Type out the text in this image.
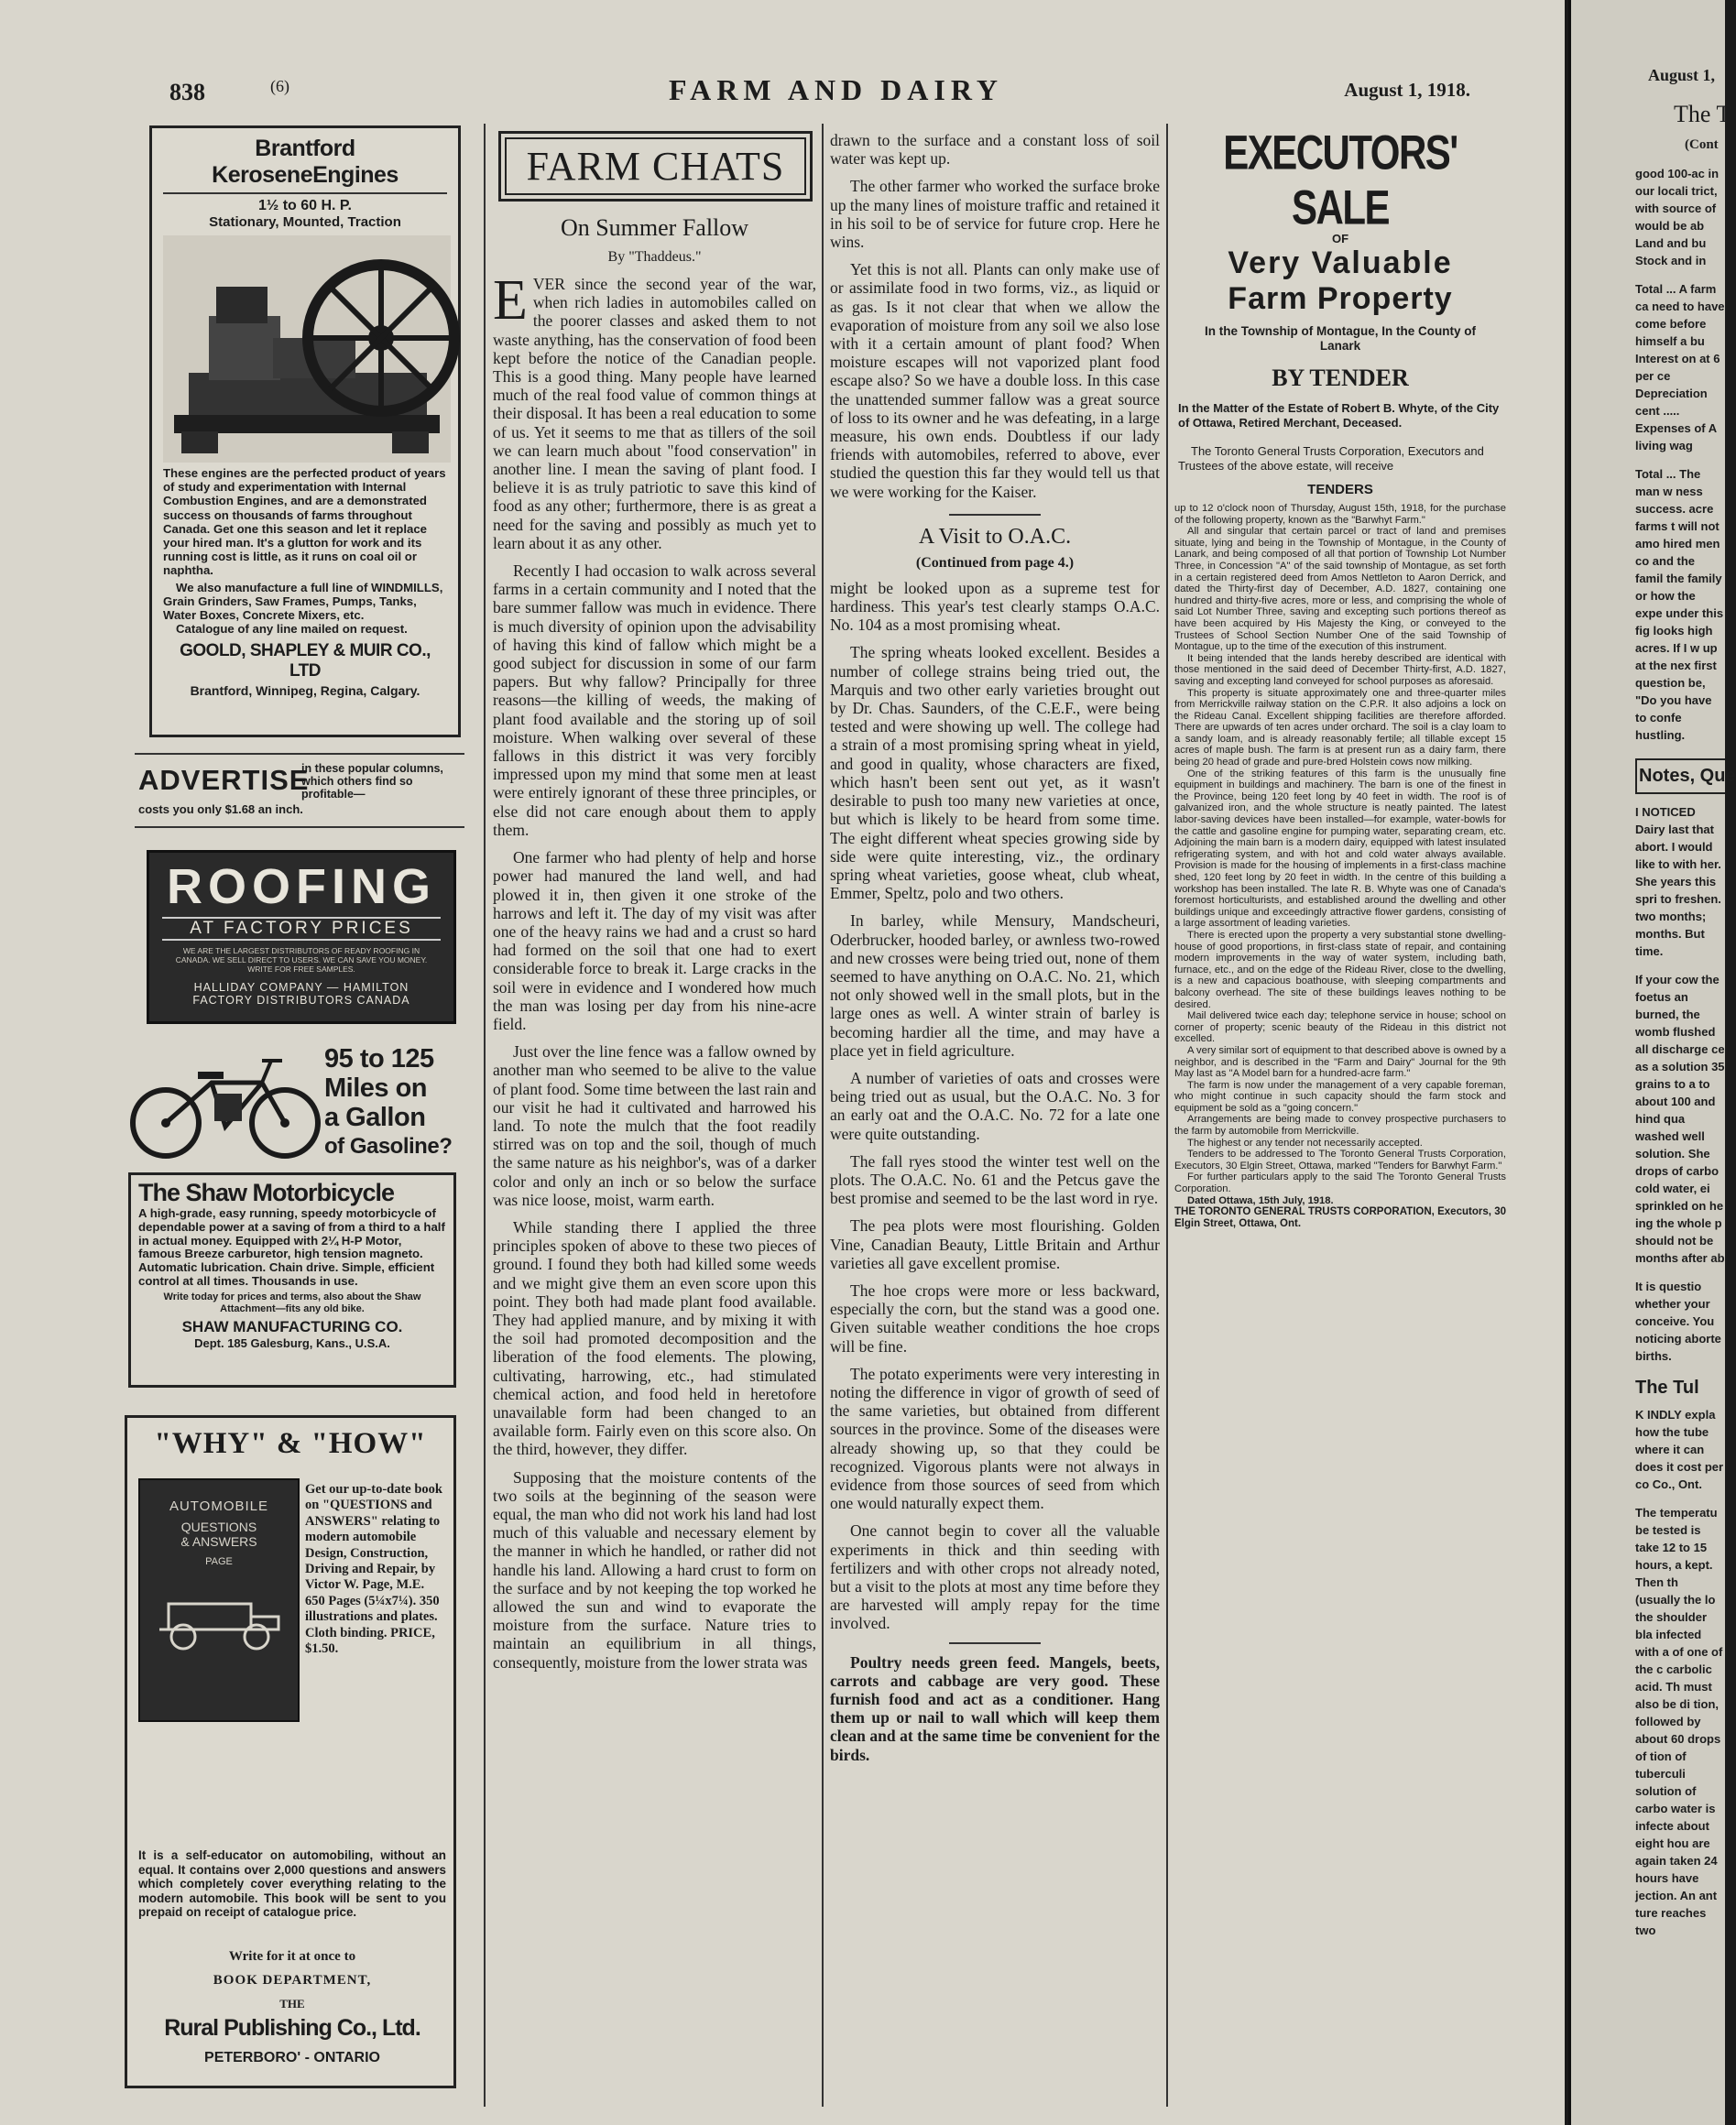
838	(6)	FARM AND DAIRY	August 1, 1918.
Brantford KeroseneEngines
1½ to 60 H. P.
Stationary, Mounted, Traction
These engines are the perfected product of years of study and experimentation with Internal Combustion Engines, and are a demonstrated success on thousands of farms throughout Canada. Get one this season and let it replace your hired man. It's a glutton for work and its running cost is little, as it runs on coal oil or naphtha.
We also manufacture a full line of WINDMILLS, Grain Grinders, Saw Frames, Pumps, Tanks, Water Boxes, Concrete Mixers, etc.
Catalogue of any line mailed on request.
GOOLD, SHAPLEY & MUIR CO., LTD
Brantford, Winnipeg, Regina, Calgary.
ADVERTISE
in these popular columns, which others find so profitable—
costs you only $1.68 an inch.
ROOFING
AT FACTORY PRICES
WE ARE THE LARGEST DISTRIBUTORS OF READY ROOFING IN CANADA. WE SELL DIRECT TO USERS. WE CAN SAVE YOU MONEY. WRITE FOR FREE SAMPLES.
HALLIDAY COMPANY — HAMILTON
FACTORY DISTRIBUTORS CANADA
95 to 125
Miles on
a Gallon
of Gasoline?
The Shaw Motorbicycle
A high-grade, easy running, speedy motorbicycle of dependable power at a saving of from a third to a half in actual money. Equipped with 2¼ H-P Motor, famous Breeze carburetor, high tension magneto. Automatic lubrication. Chain drive. Simple, efficient control at all times. Thousands in use.
Write today for prices and terms, also about the Shaw Attachment—fits any old bike.
SHAW MANUFACTURING CO.
Dept. 185 Galesburg, Kans., U.S.A.
"WHY" & "HOW"
AUTOMOBILE
QUESTIONS
& ANSWERS
PAGE
Get our up-to-date book on "QUESTIONS and ANSWERS" relating to modern automobile Design, Construction, Driving and Repair, by Victor W. Page, M.E. 650 Pages (5¼x7¼). 350 illustrations and plates. Cloth binding. PRICE, $1.50.
It is a self-educator on automobiling, without an equal. It contains over 2,000 questions and answers which completely cover everything relating to the modern automobile. This book will be sent to you prepaid on receipt of catalogue price.
Write for it at once to
BOOK DEPARTMENT,
THE
Rural Publishing Co., Ltd.
PETERBORO' - ONTARIO
FARM CHATS
On Summer Fallow
By "Thaddeus."

EVER since the second year of the war, when rich ladies in automobiles called on the poorer classes and asked them to not waste anything, has the conservation of food been kept before the notice of the Canadian people. This is a good thing. Many people have learned much of the real food value of common things at their disposal. It has been a real education to some of us. Yet it seems to me that as tillers of the soil we can learn much about "food conservation" in another line. I mean the saving of plant food. I believe it is as truly patriotic to save this kind of food as any other; furthermore, there is as great a need for the saving and possibly as much yet to learn about it as any other.

Recently I had occasion to walk across several farms in a certain community and I noted that the bare summer fallow was much in evidence. There is much diversity of opinion upon the advisability of having this kind of fallow which might be a good subject for discussion in some of our farm papers. But why fallow? Principally for three reasons—the killing of weeds, the making of plant food available and the storing up of soil moisture. When walking over several of these fallows in this district it was very forcibly impressed upon my mind that some men at least were entirely ignorant of these three principles, or else did not care enough about them to apply them.

One farmer who had plenty of help and horse power had manured the land well, and had plowed it in, then given it one stroke of the harrows and left it. The day of my visit was after one of the heavy rains we had and a crust so hard had formed on the soil that one had to exert considerable force to break it. Large cracks in the soil were in evidence and I wondered how much the man was losing per day from his nine-acre field.

Just over the line fence was a fallow owned by another man who seemed to be alive to the value of plant food. Some time between the last rain and our visit he had it cultivated and harrowed his land. To note the mulch that the foot readily stirred was on top and the soil, though of much the same nature as his neighbor's, was of a darker color and only an inch or so below the surface was nice loose, moist, warm earth.

While standing there I applied the three principles spoken of above to these two pieces of ground. I found they both had killed some weeds and we might give them an even score upon this point. They both had made plant food available. They had applied manure, and by mixing it with the soil had promoted decomposition and the liberation of the food elements. The plowing, cultivating, harrowing, etc., had stimulated chemical action, and food held in heretofore unavailable form had been changed to an available form. Fairly even on this score also. On the third, however, they differ.

Supposing that the moisture contents of the two soils at the beginning of the season were equal, the man who did not work his land had lost much of this valuable and necessary element by the manner in which he handled, or rather did not handle his land. Allowing a hard crust to form on the surface and by not keeping the top worked he allowed the sun and wind to evaporate the moisture from the surface. Nature tries to maintain an equilibrium in all things, consequently, moisture from the lower strata was

drawn to the surface and a constant loss of soil water was kept up.

The other farmer who worked the surface broke up the many lines of moisture traffic and retained it in his soil to be of service for future crop. Here he wins.

Yet this is not all. Plants can only make use of or assimilate food in two forms, viz., as liquid or as gas. Is it not clear that when we allow the evaporation of moisture from any soil we also lose with it a certain amount of plant food? When moisture escapes will not vaporized plant food escape also? So we have a double loss. In this case the unattended summer fallow was a great source of loss to its owner and he was defeating, in a large measure, his own ends. Doubtless if our lady friends with automobiles, referred to above, ever studied the question this far they would tell us that we were working for the Kaiser.

A Visit to O.A.C.
(Continued from page 4.)

might be looked upon as a supreme test for hardiness. This year's test clearly stamps O.A.C. No. 104 as a most promising wheat.

The spring wheats looked excellent. Besides a number of college strains being tried out, the Marquis and two other early varieties brought out by Dr. Chas. Saunders, of the C.E.F., were being tested and were showing up well. The college had a strain of a most promising spring wheat in yield, and good in quality, whose characters are fixed, which hasn't been sent out yet, as it wasn't desirable to push too many new varieties at once, but which is likely to be heard from some time. The eight different wheat species growing side by side were quite interesting, viz., the ordinary spring wheat varieties, goose wheat, club wheat, Emmer, Speltz, polo and two others.

In barley, while Mensury, Mandscheuri, Oderbrucker, hooded barley, or awnless two-rowed and new crosses were being tried out, none of them seemed to have anything on O.A.C. No. 21, which not only showed well in the small plots, but in the large ones as well. A winter strain of barley is becoming hardier all the time, and may have a place yet in field agriculture.

A number of varieties of oats and crosses were being tried out as usual, but the O.A.C. No. 3 for an early oat and the O.A.C. No. 72 for a late one were quite outstanding.

The fall ryes stood the winter test well on the plots. The O.A.C. No. 61 and the Petcus gave the best promise and seemed to be the last word in rye.

The pea plots were most flourishing. Golden Vine, Canadian Beauty, Little Britain and Arthur varieties all gave excellent promise.

The hoe crops were more or less backward, especially the corn, but the stand was a good one. Given suitable weather conditions the hoe crops will be fine.

The potato experiments were very interesting in noting the difference in vigor of growth of seed of the same varieties, but obtained from different sources in the province. Some of the diseases were already showing up, so that they could be recognized. Vigorous plants were not always in evidence from those sources of seed from which one would naturally expect them.

One cannot begin to cover all the valuable experiments in thick and thin seeding with fertilizers and with other crops not already noted, but a visit to the plots at most any time before they are harvested will amply repay for the time involved.

Poultry needs green feed. Mangels, beets, carrots and cabbage are very good. These furnish food and act as a conditioner. Hang them up or nail to wall which will keep them clean and at the same time be convenient for the birds.

EXECUTORS' SALE
OF
Very Valuable
Farm Property
In the Township of Montague, In the County of Lanark
BY TENDER
In the Matter of the Estate of Robert B. Whyte, of the City of Ottawa, Retired Merchant, Deceased.
The Toronto General Trusts Corporation, Executors and Trustees of the above estate, will receive
TENDERS
up to 12 o'clock noon of Thursday, August 15th, 1918, for the purchase of the following property, known as the "Barwhyt Farm."
All and singular that certain parcel or tract of land and premises situate, lying and being in the Township of Montague, in the County of Lanark, and being composed of all that portion of Township Lot Number Three, in Concession "A" of the said township of Montague, as set forth in a certain registered deed from Amos Nettleton to Aaron Derrick, and dated the Thirty-first day of December, A.D. 1827, containing one hundred and thirty-five acres, more or less, and comprising the whole of said Lot Number Three, saving and excepting such portions thereof as have been acquired by His Majesty the King, or conveyed to the Trustees of School Section Number One of the said Township of Montague, up to the time of the execution of this instrument.
It being intended that the lands hereby described are identical with those mentioned in the said deed of December Thirty-first, A.D. 1827, saving and excepting land conveyed for school purposes as aforesaid.
This property is situate approximately one and three-quarter miles from Merrickville railway station on the C.P.R. It also adjoins a lock on the Rideau Canal. Excellent shipping facilities are therefore afforded. There are upwards of ten acres under orchard. The soil is a clay loam to a sandy loam, and is already reasonably fertile; all tillable except 15 acres of maple bush. The farm is at present run as a dairy farm, there being 20 head of grade and pure-bred Holstein cows now milking.
One of the striking features of this farm is the unusually fine equipment in buildings and machinery. The barn is one of the finest in the Province, being 120 feet long by 40 feet in width. The roof is of galvanized iron, and the whole structure is neatly painted. The latest labor-saving devices have been installed—for example, water-bowls for the cattle and gasoline engine for pumping water, separating cream, etc. Adjoining the main barn is a modern dairy, equipped with latest insulated refrigerating system, and with hot and cold water always available. Provision is made for the housing of implements in a first-class machine shed, 120 feet long by 20 feet in width. In the centre of this building a workshop has been installed. The late R. B. Whyte was one of Canada's foremost horticulturists, and established around the dwelling and other buildings unique and exceedingly attractive flower gardens, consisting of a large assortment of leading varieties.
There is erected upon the property a very substantial stone dwelling-house of good proportions, in first-class state of repair, and containing modern improvements in the way of water system, including bath, furnace, etc., and on the edge of the Rideau River, close to the dwelling, is a new and capacious boathouse, with sleeping compartments and balcony overhead. The site of these buildings leaves nothing to be desired.
Mail delivered twice each day; telephone service in house; school on corner of property; scenic beauty of the Rideau in this district not excelled.
A very similar sort of equipment to that described above is owned by a neighbor, and is described in the "Farm and Dairy" Journal for the 9th May last as "A Model barn for a hundred-acre farm."
The farm is now under the management of a very capable foreman, who might continue in such capacity should the farm stock and equipment be sold as a "going concern."
Arrangements are being made to convey prospective purchasers to the farm by automobile from Merrickville.
The highest or any tender not necessarily accepted.
Tenders to be addressed to The Toronto General Trusts Corporation, Executors, 30 Elgin Street, Ottawa, marked "Tenders for Barwhyt Farm."
For further particulars apply to the said The Toronto General Trusts Corporation.
Dated Ottawa, 15th July, 1918.
THE TORONTO GENERAL TRUSTS CORPORATION, Executors, 30 Elgin Street, Ottawa, Ont.
August 1,
The T
(Cont
good 100-ac in our locali trict, with source of would be ab Land and bu Stock and in
Total ... A farm ca need to have come before himself a bu Interest on at 6 per ce Depreciation cent ..... Expenses of A living wag
Total ... The man w ness success. acre farms t will not amo hired men co and the famil the family or how the expe under this fig looks high acres. If I w up at the nex first question be, "Do you have to confe hustling.
Notes, Que
I NOTICED Dairy last that abort. I would like to with her. She years this spri to freshen. two months; months. But time.
If your cow the foetus an burned, the womb flushed all discharge ce as a solution 35 grains to a to about 100 and hind qua washed well solution. She drops of carbo cold water, ei sprinkled on he ing the whole p should not be months after ab
It is questio whether your conceive. You noticing aborte births.
The Tul
K INDLY expla how the tube where it can does it cost per co Co., Ont.
The temperatu be tested is take 12 to 15 hours, a kept. Then th (usually the lo the shoulder bla infected with a of one of the c carbolic acid. Th must also be di tion, followed by about 60 drops of tion of tuberculi solution of carbo water is infecte about eight hou are again taken 24 hours have jection. An ant ture reaches two
